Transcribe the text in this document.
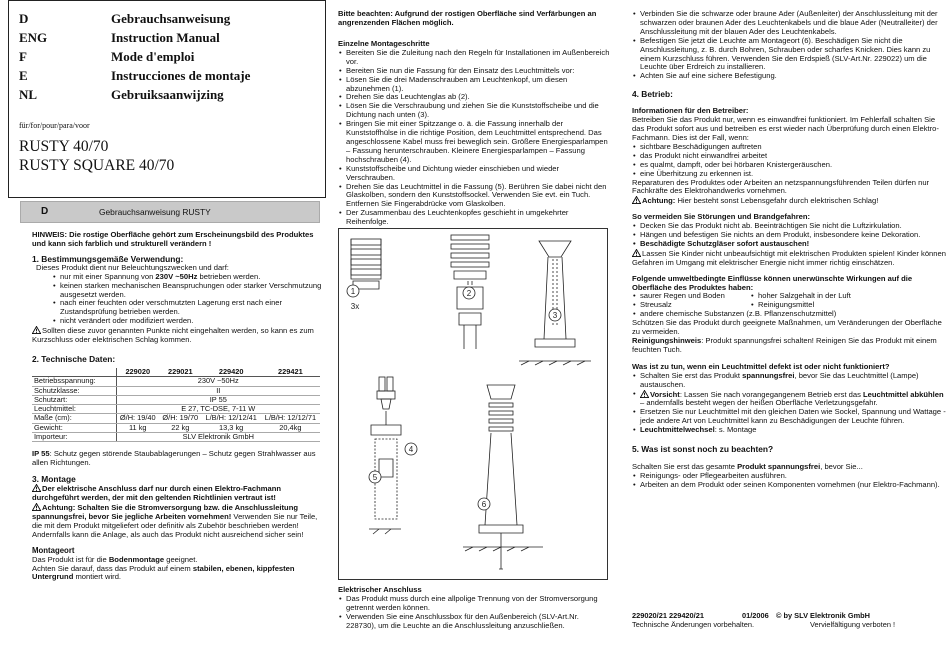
D	Gebrauchsanweisung
ENG	Instruction Manual
F	Mode d'emploi
E	Instrucciones de montaje
NL	Gebruiksaanwijzing
für/for/pour/para/voor
RUSTY 40/70
RUSTY SQUARE 40/70
D	Gebrauchsanweisung RUSTY

HINWEIS: Die rostige Oberfläche gehört zum Erscheinungsbild des Produktes und kann sich farblich und strukturell verändern !

1. Bestimmungsgemäße Verwendung:

Dieses Produkt dient nur Beleuchtungszwecken und darf:

• nur mit einer Spannung von 230V ~50Hz betrieben werden.
• keinen starken mechanischen Beanspruchungen oder starker Verschmutzung ausgesetzt werden.
• nach einer feuchten oder verschmutzten Lagerung erst nach einer Zustandsprüfung betrieben werden.
• nicht verändert oder modifiziert werden.

Sollten diese zuvor genannten Punkte nicht eingehalten werden, so kann es zum Kurzschluss oder elektrischen Schlag kommen.

2. Technische Daten:
	229020	229021	229420	229421
Betriebsspannung:	230V ~50Hz			
Schutzklasse:	II			
Schutzart:	IP 55			
Leuchtmittel:	E 27, TC-DSE, 7-11 W			
Maße (cm):	Ø/H: 19/40	Ø/H: 19/70	L/B/H: 12/12/41	L/B/H: 12/12/71
Gewicht:	11 kg	22 kg	13,3 kg	20,4kg
Importeur:	SLV Elektronik GmbH			

IP 55: Schutz gegen störende Staubablagerungen – Schutz gegen Strahlwasser aus allen Richtungen.

3. Montage

Der elektrische Anschluss darf nur durch einen Elektro-Fachmann durchgeführt werden, der mit den geltenden Richtlinien vertraut ist!

Achtung: Schalten Sie die Stromversorgung bzw. die Anschlussleitung spannungsfrei, bevor Sie jegliche Arbeiten vornehmen! Verwenden Sie nur Teile, die mit dem Produkt mitgeliefert oder definitiv als Zubehör beschrieben werden! Andernfalls kann die Anlage, als auch das Produkt nicht ausreichend sicher sein!

Montageort

Das Produkt ist für die Bodenmontage geeignet.

Achten Sie darauf, dass das Produkt auf einem stabilen, ebenen, kippfesten Untergrund montiert wird.

Bitte beachten: Aufgrund der rostigen Oberfläche sind Verfärbungen an angrenzenden Flächen möglich.

Einzelne Montageschritte
• Bereiten Sie die Zuleitung nach den Regeln für Installationen im Außenbereich vor.
• Bereiten Sie nun die Fassung für den Einsatz des Leuchtmittels vor:
• Lösen Sie die drei Madenschrauben am Leuchtenkopf, um diesen abzunehmen (1).
• Drehen Sie das Leuchtenglas ab (2).
• Lösen Sie die Verschraubung und ziehen Sie die Kunststoffscheibe und die Dichtung nach unten (3).
• Bringen Sie mit einer Spitzzange o. ä. die Fassung innerhalb der Kunststoffhülse in die richtige Position, dem Leuchtmittel entsprechend. Das angeschlossene Kabel muss frei beweglich sein. Größere Energiesparlampen – Fassung herunterschrauben. Kleinere Energiesparlampen – Fassung hochschrauben (4).
• Kunststoffscheibe und Dichtung wieder einschieben und wieder Verschrauben.
• Drehen Sie das Leuchtmittel in die Fassung (5). Berühren Sie dabei nicht den Glaskolben, sondern den Kunststoffsockel. Verwenden Sie evt. ein Tuch. Entfernen Sie Fingerabdrücke vom Glaskolben.
• Der Zusammenbau des Leuchtenkopfes geschieht in umgekehrter Reihenfolge.
1	2
3
4
5
6
3x
Elektrischer Anschluss
• Das Produkt muss durch eine allpolige Trennung von der Stromversorgung getrennt werden können.
• Verwenden Sie eine Anschlussbox für den Außenbereich (SLV-Art.Nr. 228730), um die Leuchte an die Anschlussleitung anzuschließen.
• Verbinden Sie die schwarze oder braune Ader (Außenleiter) der Anschlussleitung mit der schwarzen oder braunen Ader des Leuchtenkabels und die blaue Ader (Neutralleiter) der Anschlussleitung mit der blauen Ader des Leuchtenkabels.
• Befestigen Sie jetzt die Leuchte am Montageort (6). Beschädigen Sie nicht die Anschlussleitung, z. B. durch Bohren, Schrauben oder scharfes Knicken. Dies kann zu einem Kurzschluss führen. Verwenden Sie den Erdspieß (SLV-Art.Nr. 229022) um die Leuchte über Erdreich zu installieren.
• Achten Sie auf eine sichere Befestigung.
4. Betrieb:
Informationen für den Betreiber:

Betreiben Sie das Produkt nur, wenn es einwandfrei funktioniert. Im Fehlerfall schalten Sie das Produkt sofort aus und betreiben es erst wieder nach Überprüfung durch einen Elektro-Fachmann. Dies ist der Fall, wenn:

• sichtbare Beschädigungen auftreten
• das Produkt nicht einwandfrei arbeitet
• es qualmt, dampft, oder bei hörbaren Knistergeräuschen.
• eine Überhitzung zu erkennen ist.

Reparaturen des Produktes oder Arbeiten an netzspannungsführenden Teilen dürfen nur Fachkräfte des Elektrohandwerks vornehmen.

Achtung: Hier besteht sonst Lebensgefahr durch elektrischen Schlag!

So vermeiden Sie Störungen und Brandgefahren:
• Decken Sie das Produkt nicht ab. Beeinträchtigen Sie nicht die Luftzirkulation.
• Hängen und befestigen Sie nichts an dem Produkt, insbesondere keine Dekoration.
• Beschädigte Schutzgläser sofort austauschen!

Lassen Sie Kinder nicht unbeaufsichtigt mit elektrischen Produkten spielen! Kinder können Gefahren im Umgang mit elektrischer Energie nicht immer richtig einschätzen.

Folgende umweltbedingte Einflüsse können unerwünschte Wirkungen auf die Oberfläche des Produktes haben:
• saurer Regen und Boden
• Streusalz
• hoher Salzgehalt in der Luft
• Reinigungsmittel
• andere chemische Substanzen (z.B. Pflanzenschutzmittel)

Schützen Sie das Produkt durch geeignete Maßnahmen, um Veränderungen der Oberfläche zu vermeiden.

Reinigungshinweis: Produkt spannungsfrei schalten! Reinigen Sie das Produkt mit einem feuchten Tuch.

Was ist zu tun, wenn ein Leuchtmittel defekt ist oder nicht funktioniert?
• Schalten Sie erst das Produkt spannungsfrei, bevor Sie das Leuchtmittel (Lampe) austauschen.
• Vorsicht: Lassen Sie nach vorangegangenem Betrieb erst das Leuchtmittel abkühlen – andernfalls besteht wegen der heißen Oberfläche Verletzungsgefahr.
• Ersetzen Sie nur Leuchtmittel mit den gleichen Daten wie Sockel, Spannung und Wattage - jede andere Art von Leuchtmittel kann zu Beschädigungen der Leuchte führen.
• Leuchtmittelwechsel: s. Montage
5. Was ist sonst noch zu beachten?

Schalten Sie erst das gesamte Produkt spannungsfrei, bevor Sie...

• Reinigungs- oder Pflegearbeiten ausführen.
• Arbeiten an dem Produkt oder seinen Komponenten vornehmen (nur Elektro-Fachmann).
229020/21 229420/21	01/2006 © by SLV Elektronik GmbH
Technische Änderungen vorbehalten.	Vervielfältigung verboten !
